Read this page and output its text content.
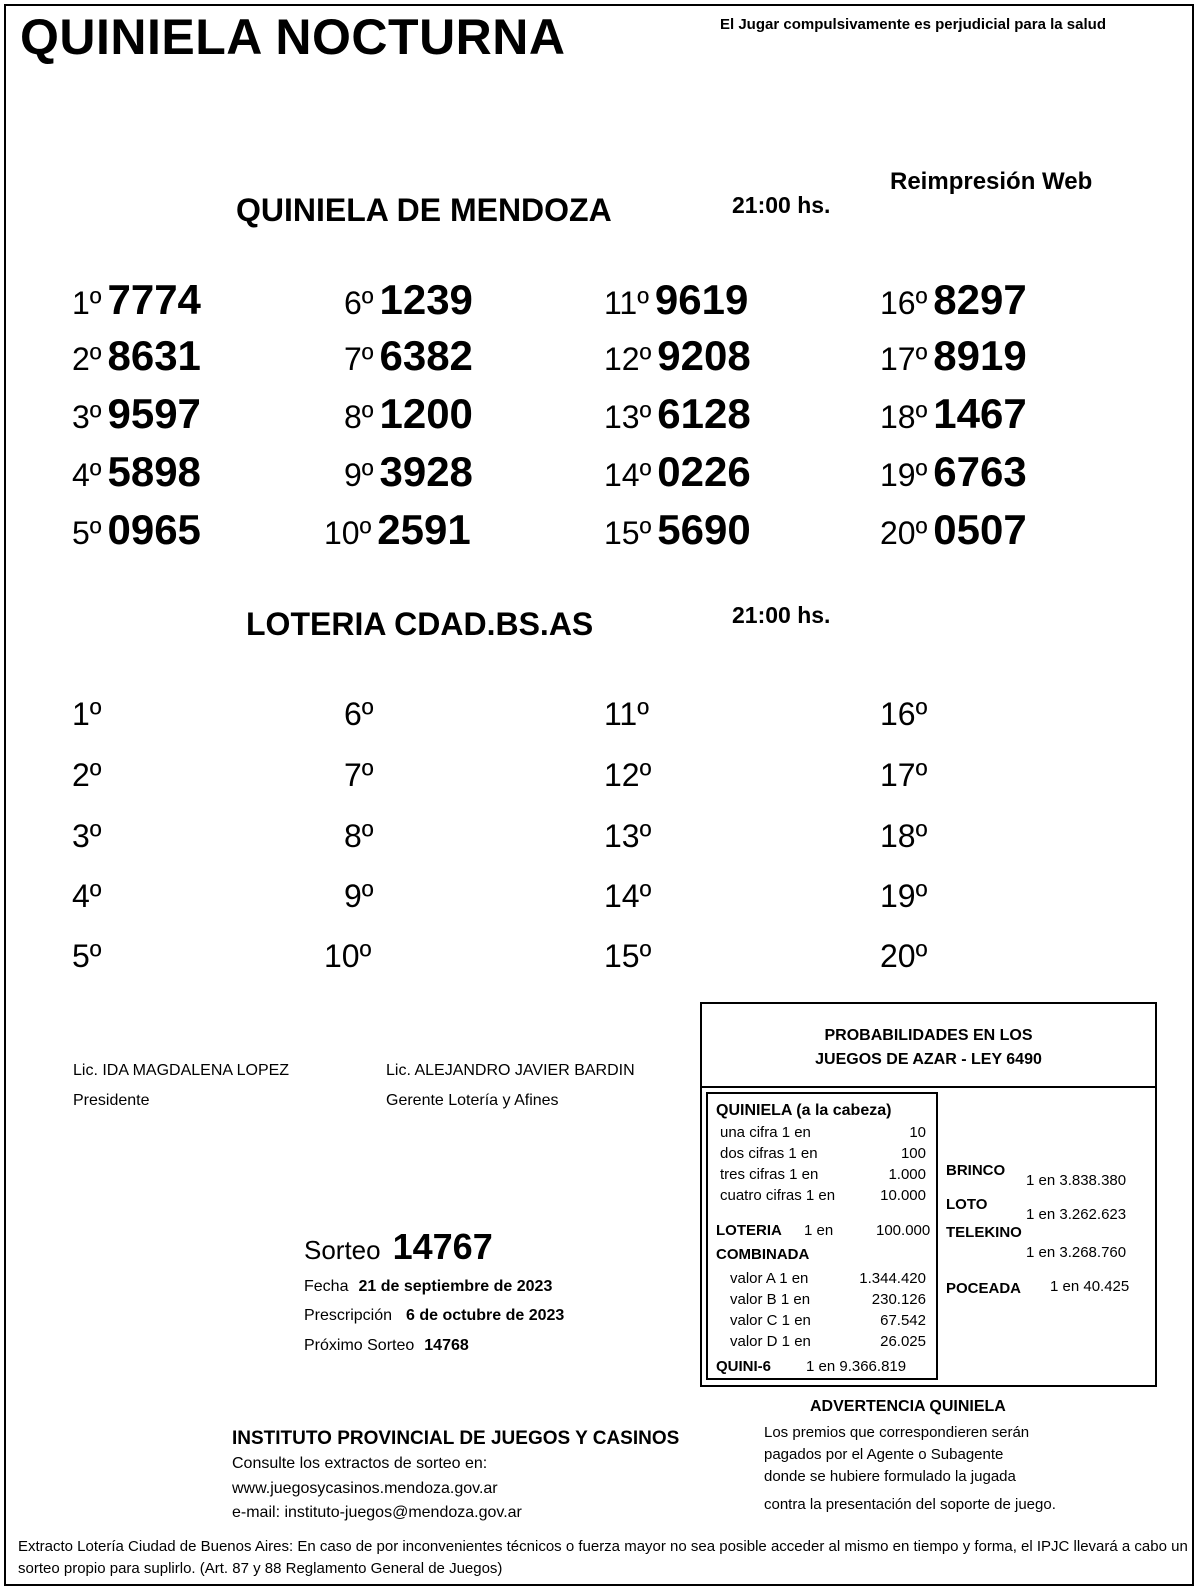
QUINIELA NOCTURNA	El Jugar compulsivamente es perjudicial para la salud
Reimpresión Web
QUINIELA DE MENDOZA	21:00 hs.
1º 7774
2º 8631
3º 9597
4º 5898
5º 0965
6º 1239
7º 6382
8º 1200
9º 3928
10º 2591
11º 9619
12º 9208
13º 6128
14º 0226
15º 5690
16º 8297
17º 8919
18º 1467
19º 6763
20º 0507
LOTERIA CDAD.BS.AS	21:00 hs.
1º
2º
3º
4º
5º
6º
7º
8º
9º
10º
11º
12º
13º
14º
15º
16º
17º
18º
19º
20º
Lic. IDA MAGDALENA LOPEZ
Presidente
Lic. ALEJANDRO JAVIER BARDIN
Gerente Lotería y Afines
Sorteo 14767
Fecha 21 de septiembre de 2023
Prescripción 6 de octubre de 2023
Próximo Sorteo 14768
PROBABILIDADES EN LOS
JUEGOS DE AZAR - LEY 6490
QUINIELA (a la cabeza)
una cifra 1 en	10
dos cifras 1 en	100
tres cifras 1 en	1.000
cuatro cifras 1 en	10.000
LOTERIA 1 en	100.000
COMBINADA
valor A 1 en	1.344.420
valor B 1 en	230.126
valor C 1 en	67.542
valor D 1 en	26.025
QUINI-6 1 en 9.366.819
BRINCO
1 en 3.838.380
LOTO
1 en 3.262.623
TELEKINO
1 en 3.268.760
POCEADA 1 en 40.425
ADVERTENCIA QUINIELA
Los premios que correspondieren serán
pagados por el Agente o Subagente
donde se hubiere formulado la jugada
contra la presentación del soporte de juego.
INSTITUTO PROVINCIAL DE JUEGOS Y CASINOS
Consulte los extractos de sorteo en:
www.juegosycasinos.mendoza.gov.ar
e-mail: instituto-juegos@mendoza.gov.ar
Extracto Lotería Ciudad de Buenos Aires: En caso de por inconvenientes técnicos o fuerza mayor no sea posible acceder al mismo en tiempo y forma, el IPJC llevará a cabo un sorteo propio para suplirlo. (Art. 87 y 88 Reglamento General de Juegos)
